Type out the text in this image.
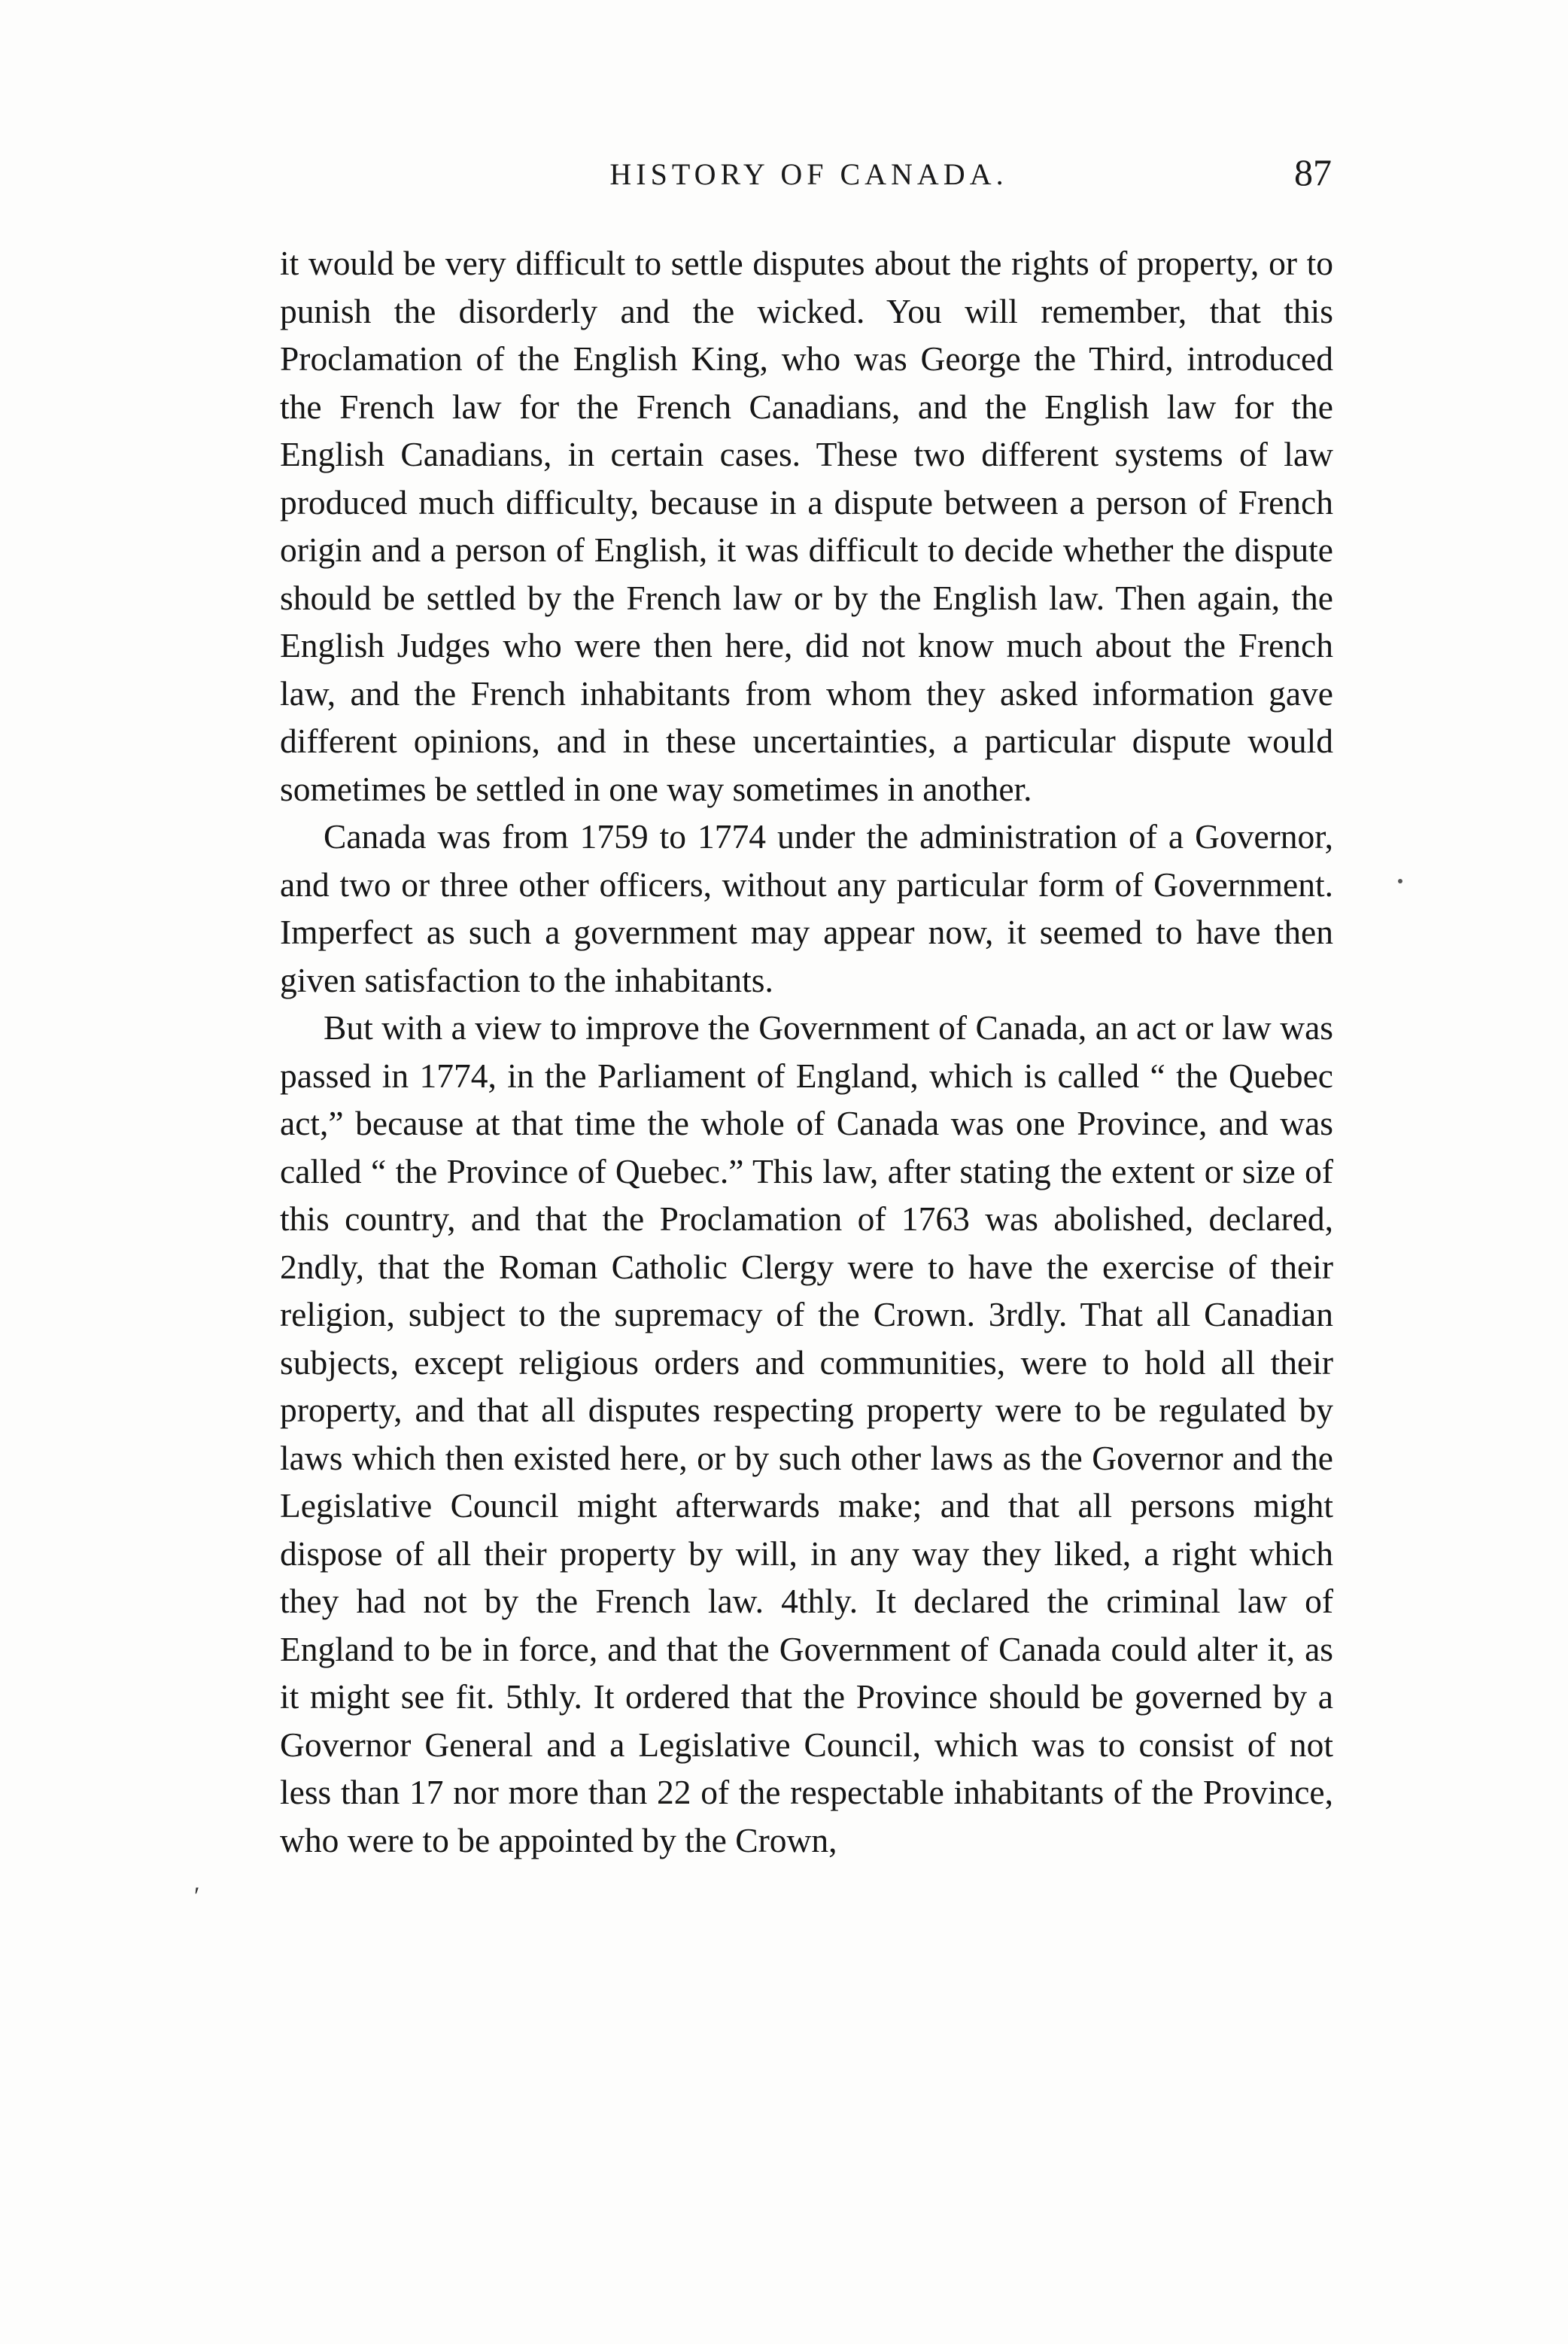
HISTORY OF CANADA.	87

it would be very difficult to settle disputes about the rights of property, or to punish the disorderly and the wicked. You will remember, that this Proclamation of the English King, who was George the Third, introduced the French law for the French Canadians, and the English law for the English Canadians, in certain cases. These two different systems of law produced much difficulty, because in a dispute between a person of French origin and a person of English, it was difficult to decide whether the dispute should be settled by the French law or by the English law. Then again, the English Judges who were then here, did not know much about the French law, and the French inhabitants from whom they asked information gave different opinions, and in these uncertainties, a particular dispute would sometimes be settled in one way sometimes in another.

Canada was from 1759 to 1774 under the administration of a Governor, and two or three other officers, without any particular form of Government. Imperfect as such a government may appear now, it seemed to have then given satisfaction to the inhabitants.

But with a view to improve the Government of Canada, an act or law was passed in 1774, in the Parliament of England, which is called “ the Quebec act,” because at that time the whole of Canada was one Province, and was called “ the Province of Quebec.” This law, after stating the extent or size of this country, and that the Proclamation of 1763 was abolished, declared, 2ndly, that the Roman Catholic Clergy were to have the exercise of their religion, subject to the supremacy of the Crown. 3rdly. That all Canadian subjects, except religious orders and communities, were to hold all their property, and that all disputes respecting property were to be regulated by laws which then existed here, or by such other laws as the Governor and the Legislative Council might afterwards make; and that all persons might dispose of all their property by will, in any way they liked, a right which they had not by the French law. 4thly. It declared the criminal law of England to be in force, and that the Government of Canada could alter it, as it might see fit. 5thly. It ordered that the Province should be governed by a Governor General and a Legislative Council, which was to consist of not less than 17 nor more than 22 of the respectable inhabitants of the Province, who were to be appointed by the Crown,

ʹ
